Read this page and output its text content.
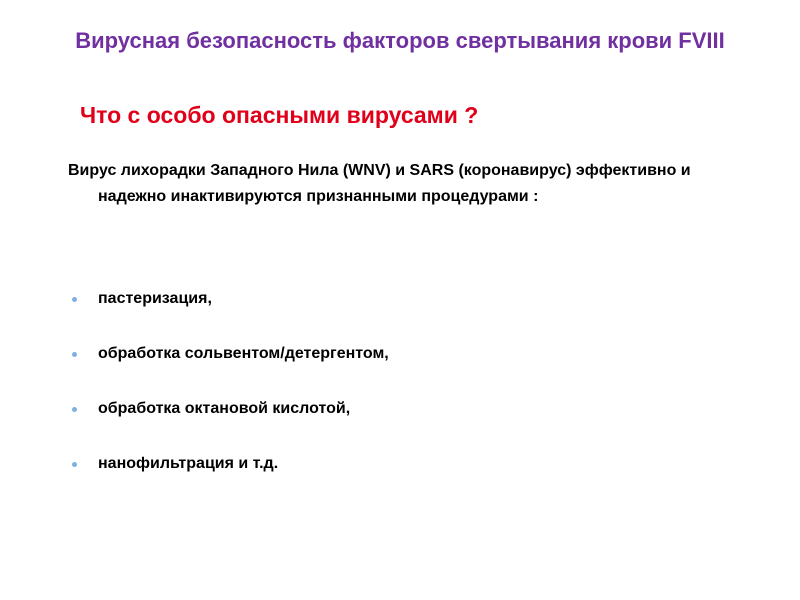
Вирусная безопасность факторов свертывания крови FVIII
Что с особо опасными вирусами ?

Вирус лихорадки Западного Нила (WNV) и SARS (коронавирус) эффективно и надежно инактивируются признанными процедурами :

пастеризация,
обработка сольвентом/детергентом,
обработка октановой кислотой,
нанофильтрация и т.д.
